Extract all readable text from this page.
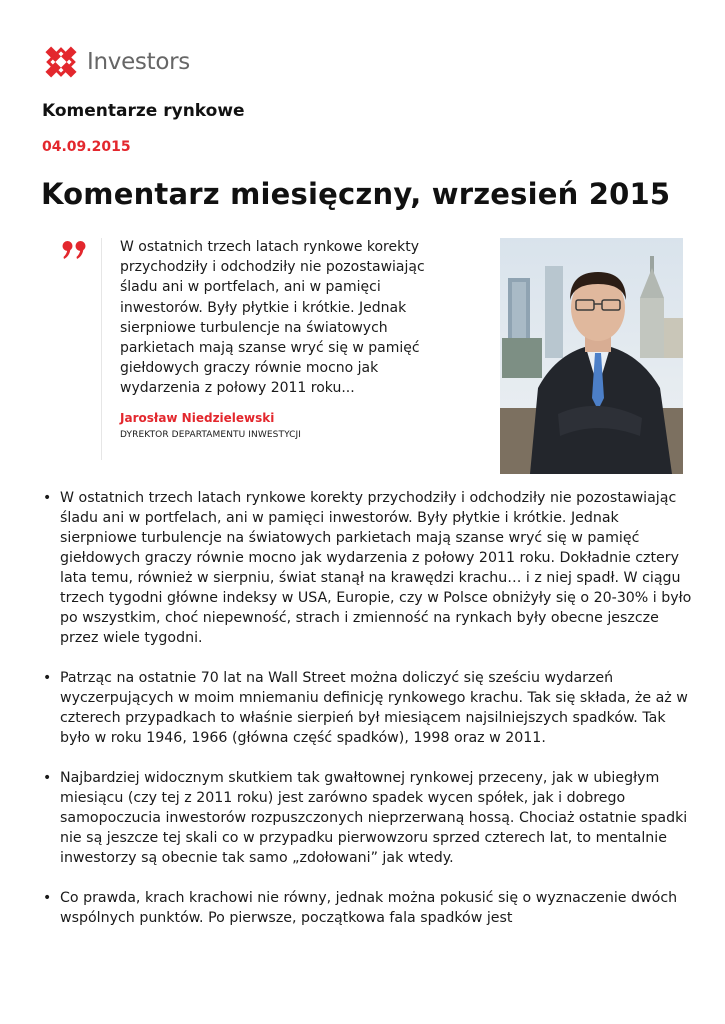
Investors
Komentarze rynkowe
04.09.2015
Komentarz miesięczny, wrzesień 2015
W ostatnich trzech latach rynkowe korekty przychodziły i odchodziły nie pozostawiając śladu ani w portfelach, ani w pamięci inwestorów. Były płytkie i krótkie. Jednak sierpniowe turbulencje na światowych parkietach mają szanse wryć się w pamięć giełdowych graczy równie mocno jak wydarzenia z połowy 2011 roku...
Jarosław Niedzielewski
DYREKTOR DEPARTAMENTU INWESTYCJI
• W ostatnich trzech latach rynkowe korekty przychodziły i odchodziły nie pozostawiając śladu ani w portfelach, ani w pamięci inwestorów. Były płytkie i krótkie. Jednak sierpniowe turbulencje na światowych parkietach mają szanse wryć się w pamięć giełdowych graczy równie mocno jak wydarzenia z połowy 2011 roku. Dokładnie cztery lata temu, również w sierpniu, świat stanął na krawędzi krachu… i z niej spadł. W ciągu trzech tygodni główne indeksy w USA, Europie, czy w Polsce obniżyły się o 20-30% i było po wszystkim, choć niepewność, strach i zmienność na rynkach były obecne jeszcze przez wiele tygodni.
• Patrząc na ostatnie 70 lat na Wall Street można doliczyć się sześciu wydarzeń wyczerpujących w moim mniemaniu definicję rynkowego krachu. Tak się składa, że aż w czterech przypadkach to właśnie sierpień był miesiącem najsilniejszych spadków. Tak było w roku 1946, 1966 (główna część spadków), 1998 oraz w 2011.
• Najbardziej widocznym skutkiem tak gwałtownej rynkowej przeceny, jak w ubiegłym miesiącu (czy tej z 2011 roku) jest zarówno spadek wycen spółek, jak i dobrego samopoczucia inwestorów rozpuszczonych nieprzerwaną hossą. Chociaż ostatnie spadki nie są jeszcze tej skali co w przypadku pierwowzoru sprzed czterech lat, to mentalnie inwestorzy są obecnie tak samo „zdołowani” jak wtedy.
• Co prawda, krach krachowi nie równy, jednak można pokusić się o wyznaczenie dwóch wspólnych punktów. Po pierwsze, początkowa fala spadków jest
